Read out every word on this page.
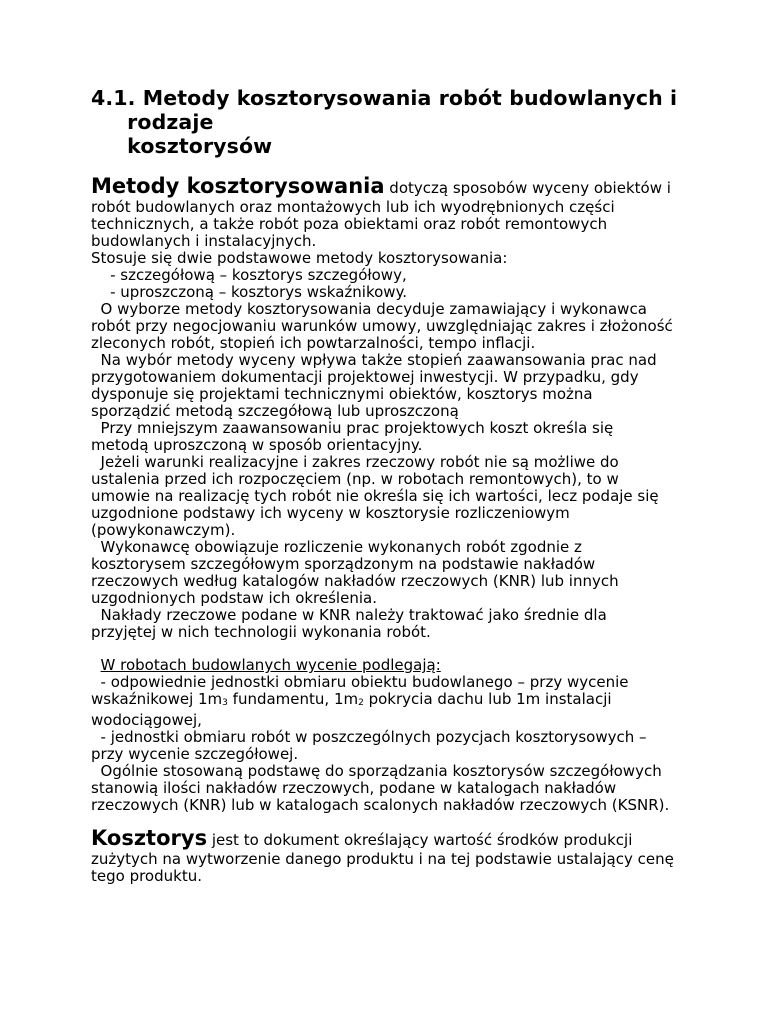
4.1. Metody kosztorysowania robót budowlanych i
rodzaje
kosztorysów
Metody kosztorysowania dotyczą sposobów wyceny obiektów i
robót budowlanych oraz montażowych lub ich wyodrębnionych części
technicznych, a także robót poza obiektami oraz robót remontowych
budowlanych i instalacyjnych.
Stosuje się dwie podstawowe metody kosztorysowania:
- szczegółową – kosztorys szczegółowy,
- uproszczoną – kosztorys wskaźnikowy.
O wyborze metody kosztorysowania decyduje zamawiający i wykonawca
robót przy negocjowaniu warunków umowy, uwzględniając zakres i złożoność
zleconych robót, stopień ich powtarzalności, tempo inflacji.
Na wybór metody wyceny wpływa także stopień zaawansowania prac nad
przygotowaniem dokumentacji projektowej inwestycji. W przypadku, gdy
dysponuje się projektami technicznymi obiektów, kosztorys można
sporządzić metodą szczegółową lub uproszczoną
Przy mniejszym zaawansowaniu prac projektowych koszt określa się
metodą uproszczoną w sposób orientacyjny.
Jeżeli warunki realizacyjne i zakres rzeczowy robót nie są możliwe do
ustalenia przed ich rozpoczęciem (np. w robotach remontowych), to w
umowie na realizację tych robót nie określa się ich wartości, lecz podaje się
uzgodnione podstawy ich wyceny w kosztorysie rozliczeniowym
(powykonawczym).
Wykonawcę obowiązuje rozliczenie wykonanych robót zgodnie z
kosztorysem szczegółowym sporządzonym na podstawie nakładów
rzeczowych według katalogów nakładów rzeczowych (KNR) lub innych
uzgodnionych podstaw ich określenia.
Nakłady rzeczowe podane w KNR należy traktować jako średnie dla
przyjętej w nich technologii wykonania robót.
W robotach budowlanych wycenie podlegają:
- odpowiednie jednostki obmiaru obiektu budowlanego – przy wycenie
wskaźnikowej $1m_3$ fundamentu, $1m_2$ pokrycia dachu lub 1m instalacji
wodociągowej,
- jednostki obmiaru robót w poszczególnych pozycjach kosztorysowych –
przy wycenie szczegółowej.
Ogólnie stosowaną podstawę do sporządzania kosztorysów szczegółowych
stanowią ilości nakładów rzeczowych, podane w katalogach nakładów
rzeczowych (KNR) lub w katalogach scalonych nakładów rzeczowych (KSNR).
Kosztorys jest to dokument określający wartość środków produkcji
zużytych na wytworzenie danego produktu i na tej podstawie ustalający cenę
tego produktu.
